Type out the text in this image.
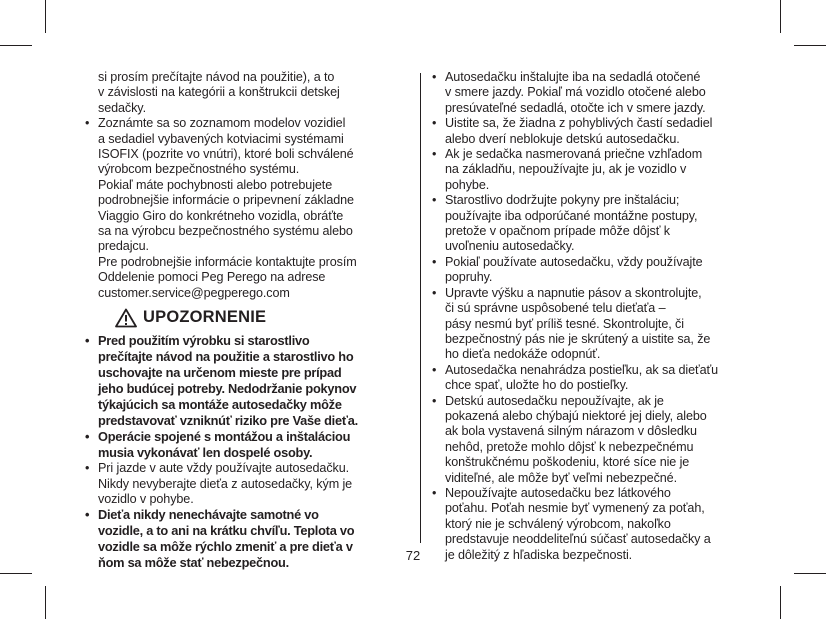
si prosím prečítajte návod na použitie), a to
v závislosti na kategórii a konštrukcii detskej
sedačky.

• Zoznámte sa so zoznamom modelov vozidiel
a sedadiel vybavených kotviacimi systémami
ISOFIX (pozrite vo vnútri), ktoré boli schválené
výrobcom bezpečnostného systému.
Pokiaľ máte pochybnosti alebo potrebujete
podrobnejšie informácie o pripevnení základne
Viaggio Giro do konkrétneho vozidla, obráťte
sa na výrobcu bezpečnostného systému alebo
predajcu.
Pre podrobnejšie informácie kontaktujte prosím
Oddelenie pomoci Peg Perego na adrese
customer.service@pegperego.com

UPOZORNENIE

• Pred použitím výrobku si starostlivo
prečítajte návod na použitie a starostlivo ho
uschovajte na určenom mieste pre prípad
jeho budúcej potreby. Nedodržanie pokynov
týkajúcich sa montáže autosedačky môže
predstavovať vzniknúť riziko pre Vaše dieťa.

• Operácie spojené s montážou a inštaláciou
musia vykonávať len dospelé osoby.

• Pri jazde v aute vždy používajte autosedačku.
Nikdy nevyberajte dieťa z autosedačky, kým je
vozidlo v pohybe.

• Dieťa nikdy nenechávajte samotné vo
vozidle, a to ani na krátku chvíľu. Teplota vo
vozidle sa môže rýchlo zmeniť a pre dieťa v
ňom sa môže stať nebezpečnou.

• Autosedačku inštalujte iba na sedadlá otočené
v smere jazdy. Pokiaľ má vozidlo otočené alebo
presúvateľné sedadlá, otočte ich v smere jazdy.

• Uistite sa, že žiadna z pohyblivých častí sedadiel
alebo dverí neblokuje detskú autosedačku.

• Ak je sedačka nasmerovaná priečne vzhľadom
na základňu, nepoužívajte ju, ak je vozidlo v
pohybe.

• Starostlivo dodržujte pokyny pre inštaláciu;
používajte iba odporúčané montážne postupy,
pretože v opačnom prípade môže dôjsť k
uvoľneniu autosedačky.

• Pokiaľ používate autosedačku, vždy používajte
popruhy.

• Upravte výšku a napnutie pásov a skontrolujte,
či sú správne uspôsobené telu dieťaťa –
pásy nesmú byť príliš tesné. Skontrolujte, či
bezpečnostný pás nie je skrútený a uistite sa, že
ho dieťa nedokáže odopnúť.

• Autosedačka nenahrádza postieľku, ak sa dieťaťu
chce spať, uložte ho do postieľky.

• Detskú autosedačku nepoužívajte, ak je
pokazená alebo chýbajú niektoré jej diely, alebo
ak bola vystavená silným nárazom v dôsledku
nehôd, pretože mohlo dôjsť k nebezpečnému
konštrukčnému poškodeniu, ktoré síce nie je
viditeľné, ale môže byť veľmi nebezpečné.

• Nepoužívajte autosedačku bez látkového
poťahu. Poťah nesmie byť vymenený za poťah,
ktorý nie je schválený výrobcom, nakoľko
predstavuje neoddeliteľnú súčasť autosedačky a
je dôležitý z hľadiska bezpečnosti.

72
